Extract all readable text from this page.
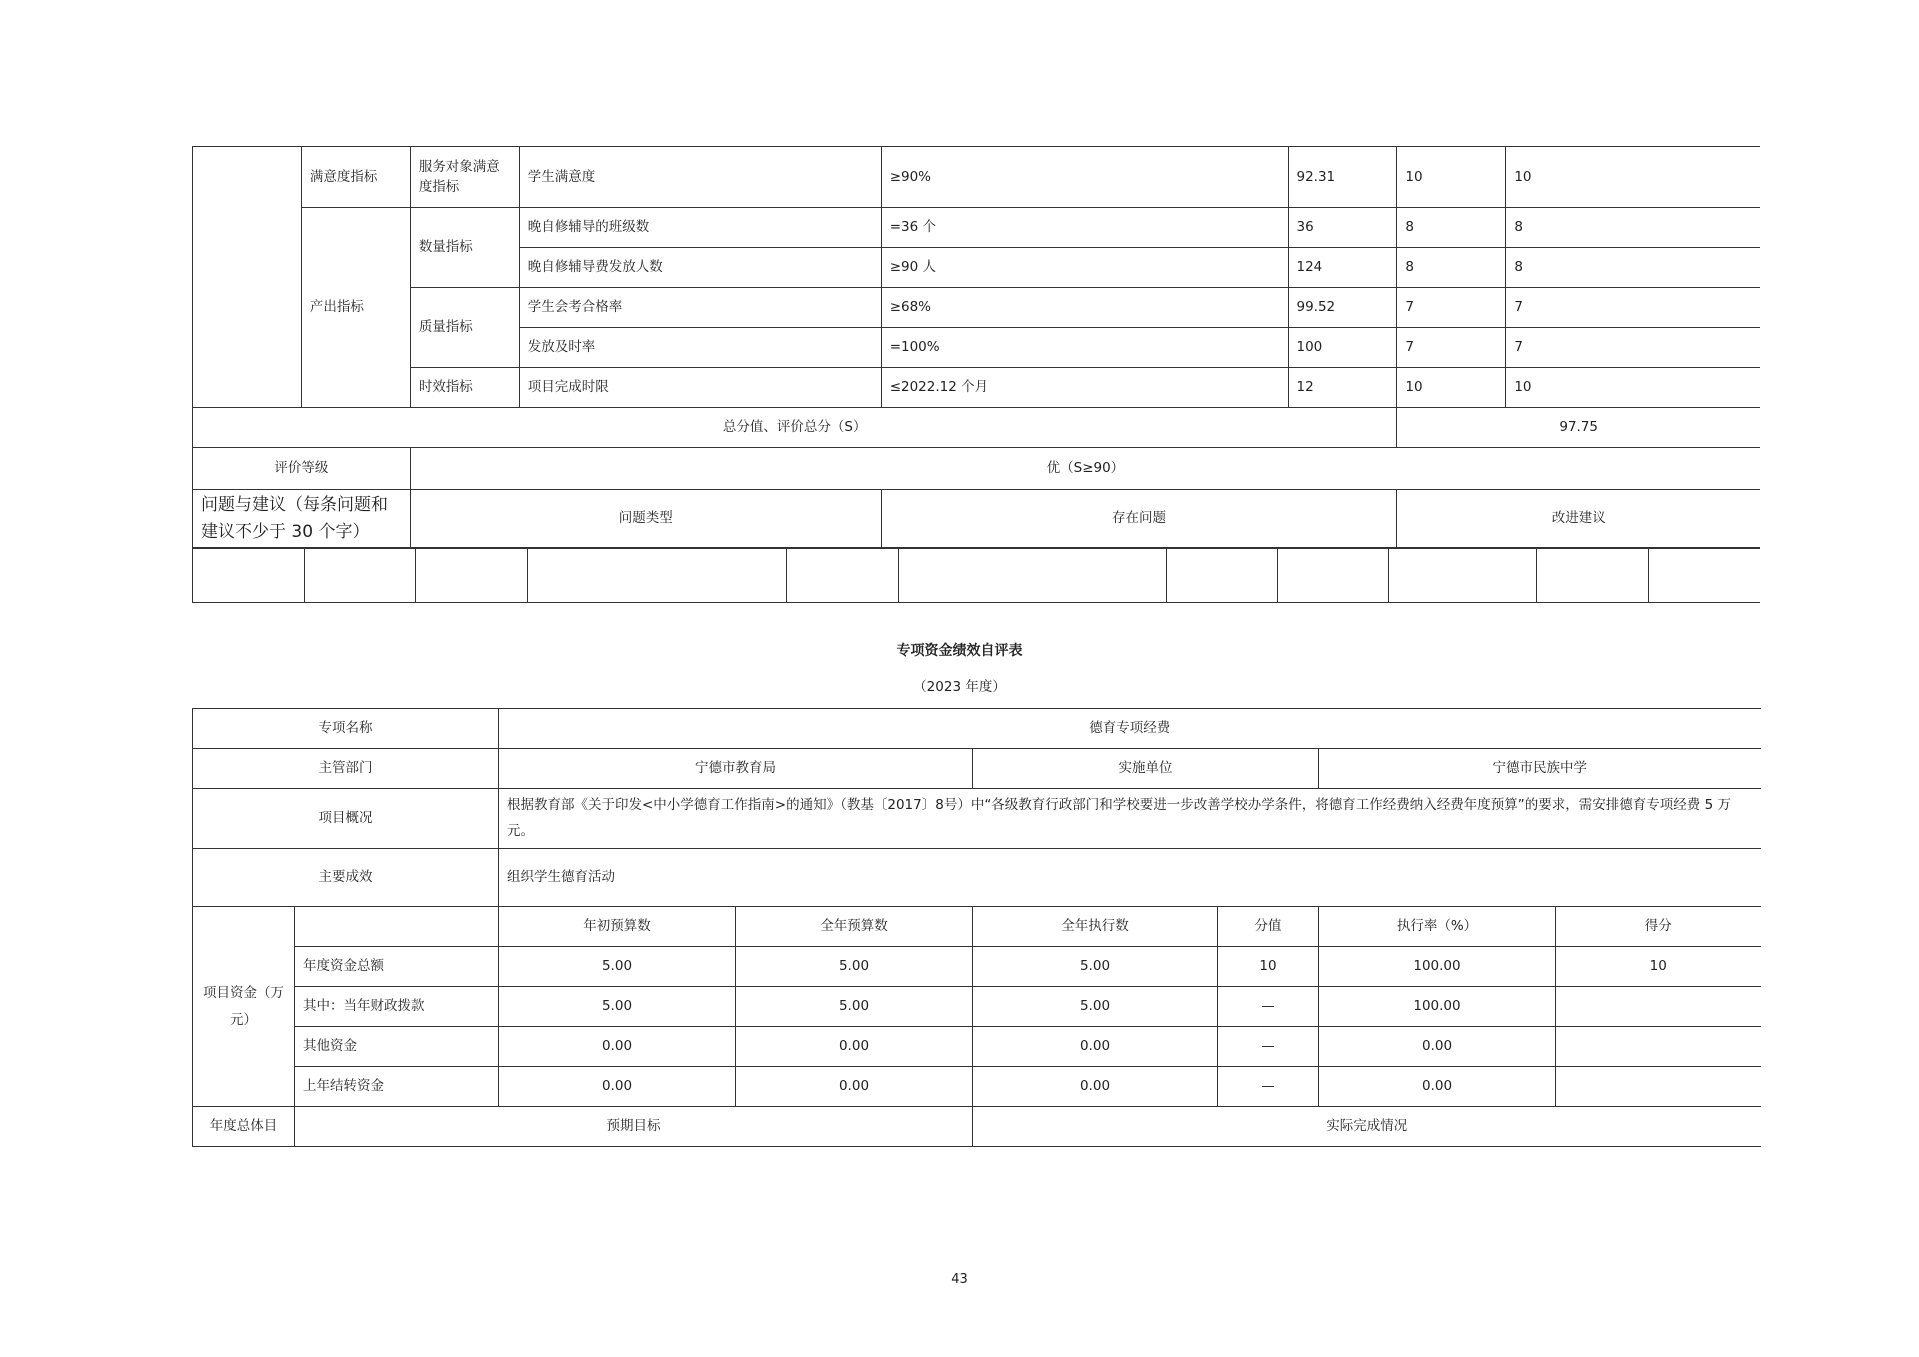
	满意度指标	服务对象满意度指标	学生满意度	≥90%	92.31	10	10
	产出指标	数量指标	晚自修辅导的班级数	=36 个	36	8	8
			晚自修辅导费发放人数	≥90 人	124	8	8
		质量指标	学生会考合格率	≥68%	99.52	7	7
			发放及时率	=100%	100	7	7
		时效指标	项目完成时限	≤2022.12 个月	12	10	10
总分值、评价总分（S）						97.75	
评价等级		优（S≥90）					
问题与建议（每条问题和建议不少于 30 个字）		问题类型		存在问题		改进建议	

专项资金绩效自评表
（2023 年度）
专项名称		德育专项经费					
主管部门		宁德市教育局		实施单位		宁德市民族中学	
项目概况		根据教育部《关于印发<中小学德育工作指南>的通知》（教基〔2017〕8号）中“各级教育行政部门和学校要进一步改善学校办学条件，将德育工作经费纳入经费年度预算”的要求，需安排德育专项经费 5 万元。					
主要成效		组织学生德育活动					
项目资金（万元）		年初预算数	全年预算数	全年执行数	分值	执行率（%）	得分
	年度资金总额	5.00	5.00	5.00	10	100.00	10
	其中：当年财政拨款	5.00	5.00	5.00	—	100.00	
	其他资金	0.00	0.00	0.00	—	0.00	
	上年结转资金	0.00	0.00	0.00	—	0.00	
年度总体目	预期目标			实际完成情况			
43
